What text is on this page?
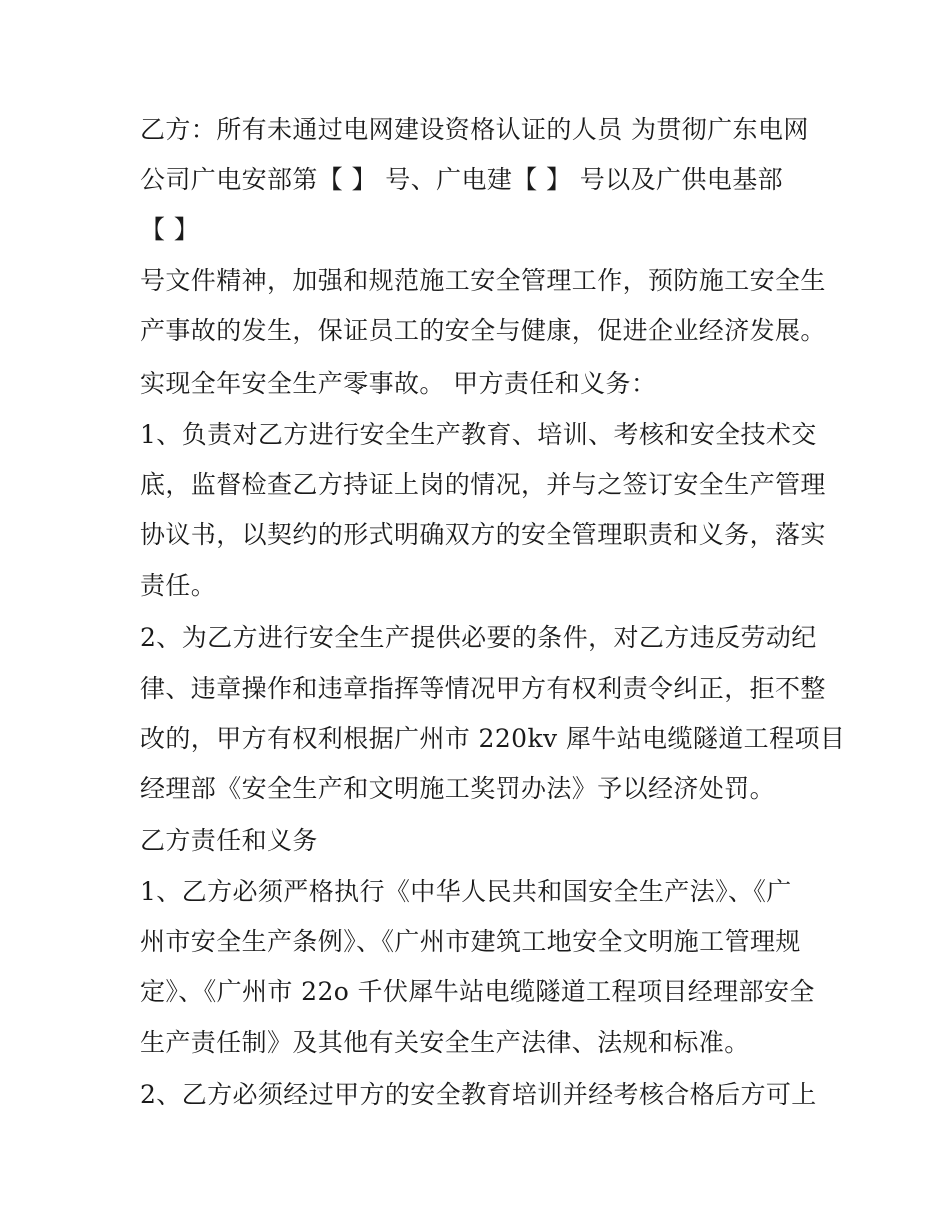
乙方：所有未通过电网建设资格认证的人员 为贯彻广东电网

公司广电安部第【 】 号、广电建【 】 号以及广供电基部

【 】

号文件精神，加强和规范施工安全管理工作，预防施工安全生

产事故的发生，保证员工的安全与健康，促进企业经济发展。

实现全年安全生产零事故。 甲方责任和义务：

1、负责对乙方进行安全生产教育、培训、考核和安全技术交

底，监督检查乙方持证上岗的情况，并与之签订安全生产管理

协议书，以契约的形式明确双方的安全管理职责和义务，落实

责任。

2、为乙方进行安全生产提供必要的条件，对乙方违反劳动纪

律、违章操作和违章指挥等情况甲方有权利责令纠正，拒不整

改的，甲方有权利根据广州市 220kv 犀牛站电缆隧道工程项目

经理部《安全生产和文明施工奖罚办法》予以经济处罚。

乙方责任和义务

1、乙方必须严格执行《中华人民共和国安全生产法》、《广

州市安全生产条例》、《广州市建筑工地安全文明施工管理规

定》、《广州市 22o 千伏犀牛站电缆隧道工程项目经理部安全

生产责任制》及其他有关安全生产法律、法规和标准。

2、乙方必须经过甲方的安全教育培训并经考核合格后方可上
